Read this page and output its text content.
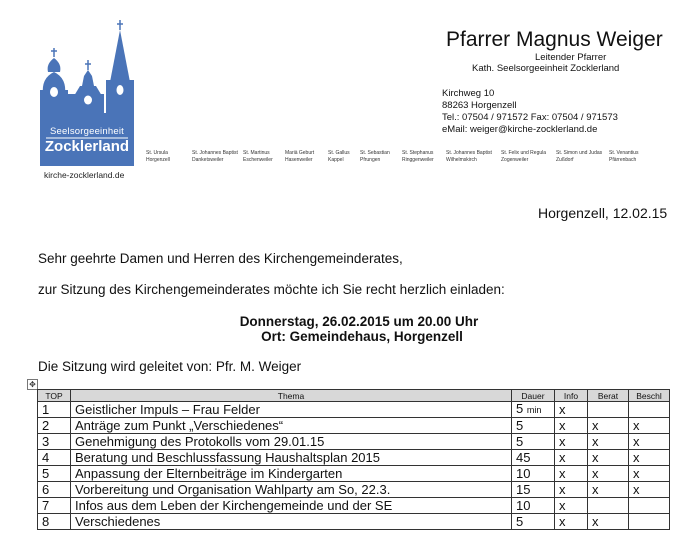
Seelsorgeeinheit
Zocklerland
kirche-zocklerland.de
Pfarrer Magnus Weiger
Leitender Pfarrer
Kath. Seelsorgeeinheit Zocklerland
Kirchweg 10
88263 Horgenzell
Tel.: 07504 / 971572 Fax: 07504 / 971573
eMail: weiger@kirche-zocklerland.de
St. Ursula
Horgenzell
St. Johannes Baptist
Danketsweiler
St. Martinus
Eschenweiler
Mariä Geburt
Hasenweiler
St. Gallus
Kappel
St. Sebastian
Pfrungen
St. Stephanus
Ringgenweiler
St. Johannes Baptist
Wilhelmskirch
St. Felix und Regula
Zogenweiler
St. Simon und Judas
Zußdorf
St. Venantius
Pfärrenbach
Horgenzell, 12.02.15
Sehr geehrte Damen und Herren des Kirchengemeinderates,
zur Sitzung des Kirchengemeinderates möchte ich Sie recht herzlich einladen:
Donnerstag, 26.02.2015 um 20.00 Uhr
Ort: Gemeindehaus, Horgenzell
Die Sitzung wird geleitet von: Pfr. M. Weiger
✥
TOP	Thema	Dauer	Info	Berat	Beschl
1	Geistlicher Impuls – Frau Felder	5 min	x		
2	Anträge zum Punkt „Verschiedenes“	5	x	x	x
3	Genehmigung des Protokolls vom 29.01.15	5	x	x	x
4	Beratung und Beschlussfassung Haushaltsplan 2015	45	x	x	x
5	Anpassung der Elternbeiträge im Kindergarten	10	x	x	x
6	Vorbereitung und Organisation Wahlparty am So, 22.3.	15	x	x	x
7	Infos aus dem Leben der Kirchengemeinde und der SE	10	x		
8	Verschiedenes	5	x	x	
